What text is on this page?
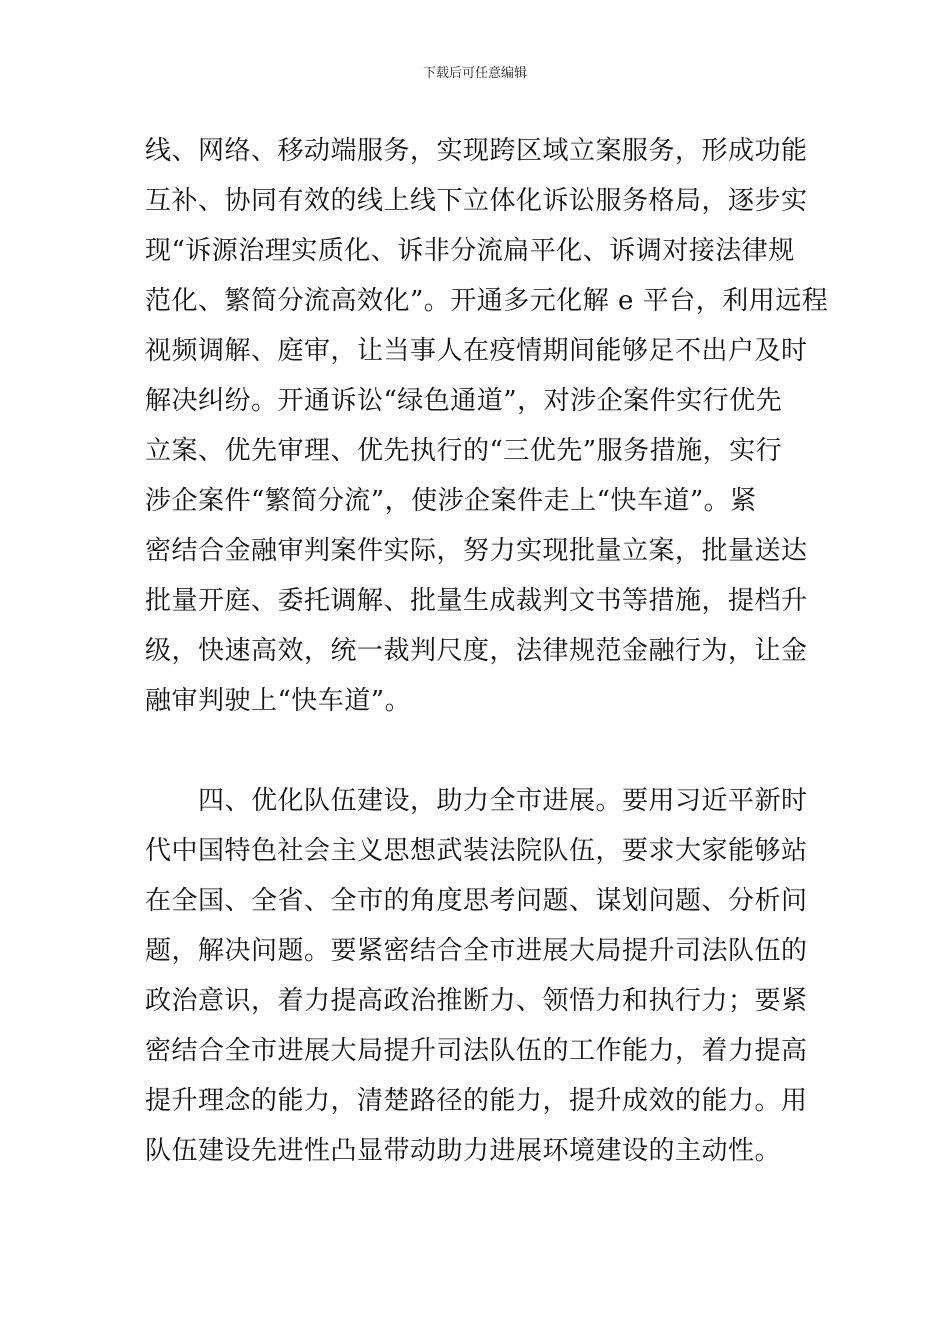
下载后可任意编辑
线、网络、移动端服务，实现跨区域立案服务，形成功能
互补、协同有效的线上线下立体化诉讼服务格局，逐步实
现“诉源治理实质化、诉非分流扁平化、诉调对接法律规
范化、繁简分流高效化”。开通多元化解 e 平台，利用远程
视频调解、庭审，让当事人在疫情期间能够足不出户及时
解决纠纷。开通诉讼“绿色通道”，对涉企案件实行优先
立案、优先审理、优先执行的“三优先”服务措施，实行
涉企案件“繁简分流”，使涉企案件走上“快车道”。紧
密结合金融审判案件实际，努力实现批量立案，批量送达
批量开庭、委托调解、批量生成裁判文书等措施，提档升
级，快速高效，统一裁判尺度，法律规范金融行为，让金
融审判驶上“快车道”。
　　四、优化队伍建设，助力全市进展。要用习近平新时
代中国特色社会主义思想武装法院队伍，要求大家能够站
在全国、全省、全市的角度思考问题、谋划问题、分析问
题，解决问题。要紧密结合全市进展大局提升司法队伍的
政治意识，着力提高政治推断力、领悟力和执行力；要紧
密结合全市进展大局提升司法队伍的工作能力，着力提高
提升理念的能力，清楚路径的能力，提升成效的能力。用
队伍建设先进性凸显带动助力进展环境建设的主动性。
